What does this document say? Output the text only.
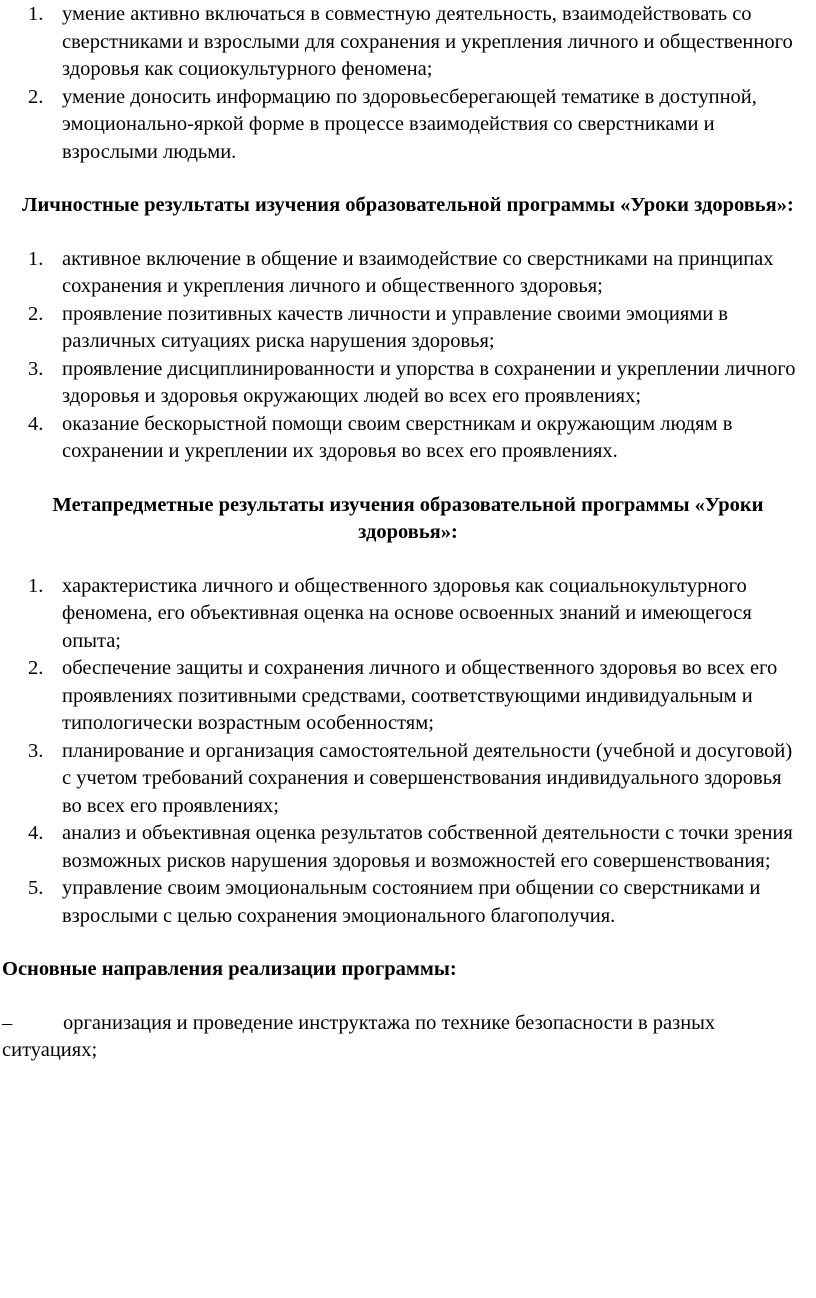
1. умение активно включаться в совместную деятельность, взаимодействовать со сверстниками и взрослыми для сохранения и укрепления личного и общественного здоровья как социокультурного феномена;
2. умение доносить информацию по здоровьесберегающей тематике в доступной, эмоционально-яркой форме в процессе взаимодействия со сверстниками и взрослыми людьми.

Личностные результаты изучения образовательной программы «Уроки здоровья»:

1. активное включение в общение и взаимодействие со сверстниками на принципах сохранения и укрепления личного и общественного здоровья;
2. проявление позитивных качеств личности и управление своими эмоциями в различных ситуациях риска нарушения здоровья;
3. проявление дисциплинированности и упорства в сохранении и укреплении личного здоровья и здоровья окружающих людей во всех его проявлениях;
4. оказание бескорыстной помощи своим сверстникам и окружающим людям в сохранении и укреплении их здоровья во всех его проявлениях.

Метапредметные результаты изучения образовательной программы «Уроки здоровья»:

1. характеристика личного и общественного здоровья как социальнокультурного феномена, его объективная оценка на основе освоенных знаний и имеющегося опыта;
2. обеспечение защиты и сохранения личного и общественного здоровья во всех его проявлениях позитивными средствами, соответствующими индивидуальным и типологически возрастным особенностям;
3. планирование и организация самостоятельной деятельности (учебной и досуговой) с учетом требований сохранения и совершенствования индивидуального здоровья во всех его проявлениях;
4. анализ и объективная оценка результатов собственной деятельности с точки зрения возможных рисков нарушения здоровья и возможностей его совершенствования;
5. управление своим эмоциональным состоянием при общении со сверстниками и взрослыми с целью сохранения эмоционального благополучия.

Основные направления реализации программы:

– организация и проведение инструктажа по технике безопасности в разных ситуациях;
